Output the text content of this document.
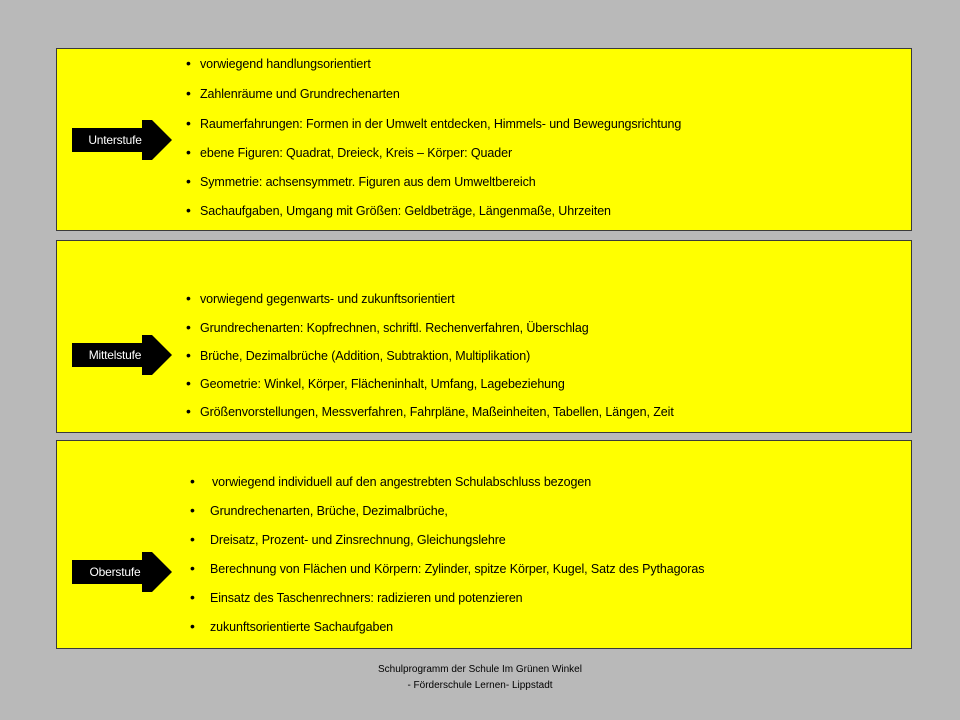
Unterstufe
• vorwiegend handlungsorientiert
• Zahlenräume und Grundrechenarten
• Raumerfahrungen: Formen in der Umwelt entdecken, Himmels- und Bewegungsrichtung
• ebene Figuren: Quadrat, Dreieck, Kreis – Körper: Quader
• Symmetrie: achsensymmetr. Figuren aus dem Umweltbereich
• Sachaufgaben, Umgang mit Größen: Geldbeträge, Längenmaße, Uhrzeiten
Mittelstufe
• vorwiegend gegenwarts- und zukunftsorientiert
• Grundrechenarten: Kopfrechnen, schriftl. Rechenverfahren, Überschlag
• Brüche, Dezimalbrüche (Addition, Subtraktion, Multiplikation)
• Geometrie: Winkel, Körper, Flächeninhalt, Umfang, Lagebeziehung
• Größenvorstellungen, Messverfahren, Fahrpläne, Maßeinheiten, Tabellen, Längen, Zeit
Oberstufe
• vorwiegend individuell auf den angestrebten Schulabschluss bezogen
• Grundrechenarten, Brüche, Dezimalbrüche,
• Dreisatz, Prozent- und Zinsrechnung, Gleichungslehre
• Berechnung von Flächen und Körpern: Zylinder, spitze Körper, Kugel, Satz des Pythagoras
• Einsatz des Taschenrechners: radizieren und potenzieren
• zukunftsorientierte Sachaufgaben
Schulprogramm der Schule Im Grünen Winkel
- Förderschule Lernen- Lippstadt
